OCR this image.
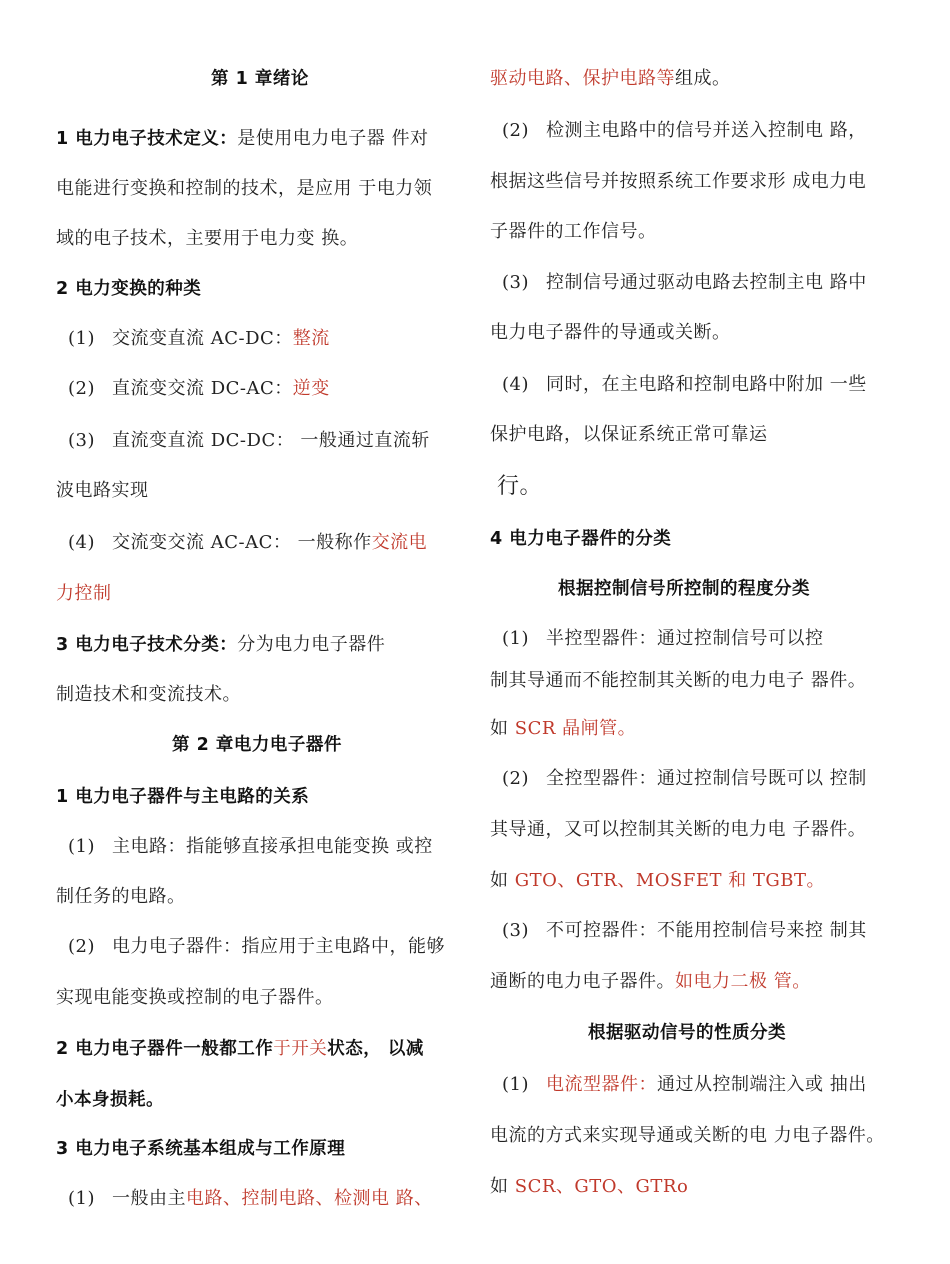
第 1 章绪论
1 电力电子技术定义：是使用电力电子器 件对
电能进行变换和控制的技术，是应用 于电力领
域的电子技术，主要用于电力变 换。
2 电力变换的种类
(1) 交流变直流 AC-DC：整流
(2) 直流变交流 DC-AC：逆变
(3) 直流变直流 DC-DC： 一般通过直流斩
波电路实现
(4) 交流变交流 AC-AC： 一般称作交流电
力控制
3 电力电子技术分类：分为电力电子器件
制造技术和变流技术。
第 2 章电力电子器件
1 电力电子器件与主电路的关系
(1) 主电路：指能够直接承担电能变换 或控
制任务的电路。
(2) 电力电子器件：指应用于主电路中，能够
实现电能变换或控制的电子器件。
2 电力电子器件一般都工作于开关状态， 以减
小本身损耗。
3 电力电子系统基本组成与工作原理
(1) 一般由主电路、控制电路、检测电 路、
驱动电路、保护电路等组成。
(2) 检测主电路中的信号并送入控制电 路，
根据这些信号并按照系统工作要求形 成电力电
子器件的工作信号。
(3) 控制信号通过驱动电路去控制主电 路中
电力电子器件的导通或关断。
(4) 同时，在主电路和控制电路中附加 一些
保护电路，以保证系统正常可靠运
行。
4 电力电子器件的分类
根据控制信号所控制的程度分类
(1) 半控型器件：通过控制信号可以控
制其导通而不能控制其关断的电力电子 器件。
如 SCR 晶闸管。
(2) 全控型器件：通过控制信号既可以 控制
其导通，又可以控制其关断的电力电 子器件。
如 GTO、GTR、MOSFET 和 TGBT。
(3) 不可控器件：不能用控制信号来控 制其
通断的电力电子器件。如电力二极 管。
根据驱动信号的性质分类
(1) 电流型器件：通过从控制端注入或 抽出
电流的方式来实现导通或关断的电 力电子器件。
如 SCR、GTO、GTRo
